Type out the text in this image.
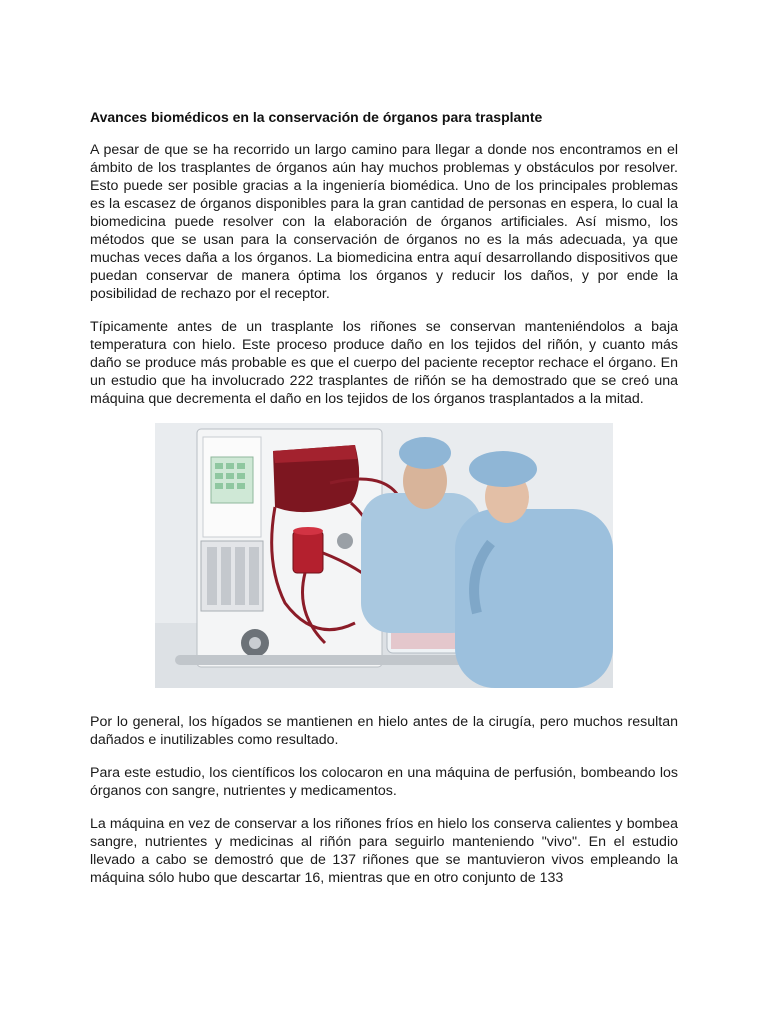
Avances biomédicos en la conservación de órganos para trasplante

A pesar de que se ha recorrido un largo camino para llegar a donde nos encontramos en el ámbito de los trasplantes de órganos aún hay muchos problemas y obstáculos por resolver. Esto puede ser posible gracias a la ingeniería biomédica. Uno de los principales problemas es la escasez de órganos disponibles para la gran cantidad de personas en espera, lo cual la biomedicina puede resolver con la elaboración de órganos artificiales. Así mismo, los métodos que se usan para la conservación de órganos no es la más adecuada, ya que muchas veces daña a los órganos. La biomedicina entra aquí desarrollando dispositivos que puedan conservar de manera óptima los órganos y reducir los daños, y por ende la posibilidad de rechazo por el receptor.

Típicamente antes de un trasplante los riñones se conservan manteniéndolos a baja temperatura con hielo. Este proceso produce daño en los tejidos del riñón, y cuanto más daño se produce más probable es que el cuerpo del paciente receptor rechace el órgano. En un estudio que ha involucrado 222 trasplantes de riñón se ha demostrado que se creó una máquina que decrementa el daño en los tejidos de los órganos trasplantados a la mitad.

Por lo general, los hígados se mantienen en hielo antes de la cirugía, pero muchos resultan dañados e inutilizables como resultado.

Para este estudio, los científicos los colocaron en una máquina de perfusión, bombeando los órganos con sangre, nutrientes y medicamentos.

La máquina en vez de conservar a los riñones fríos en hielo los conserva calientes y bombea sangre, nutrientes y medicinas al riñón para seguirlo manteniendo "vivo". En el estudio llevado a cabo se demostró que de 137 riñones que se mantuvieron vivos empleando la máquina sólo hubo que descartar 16, mientras que en otro conjunto de 133
